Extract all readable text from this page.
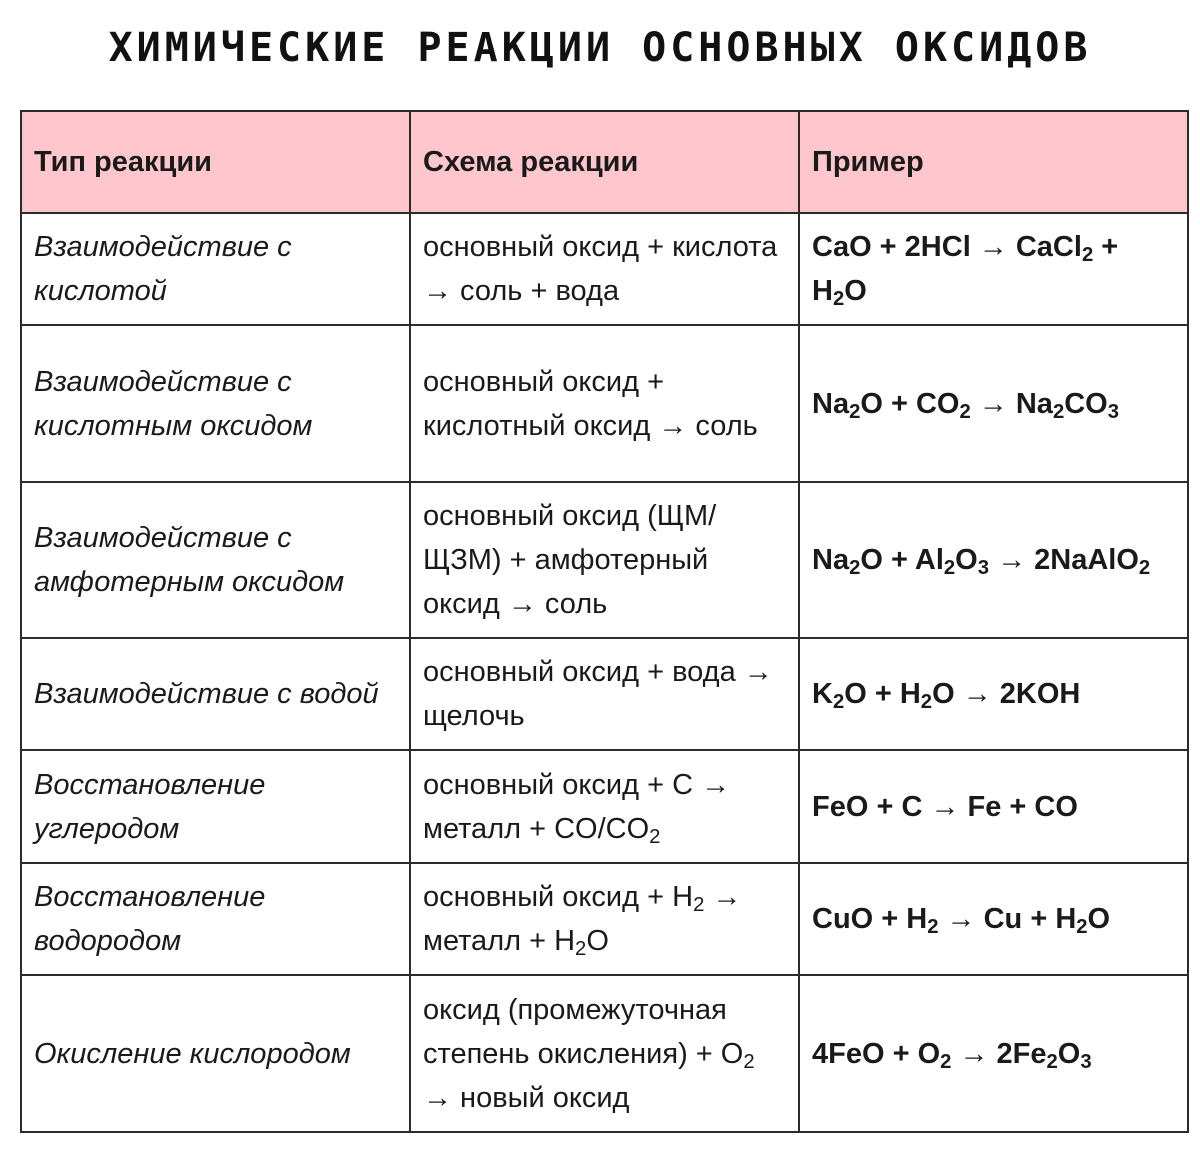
ХИМИЧЕСКИЕ РЕАКЦИИ ОСНОВНЫХ ОКСИДОВ
Тип реакции	Схема реакции	Пример
Взаимодействие с кислотой	основный оксид + кислота → соль + вода	CaO + 2HCl → CaCl$_2$ + $H_2O$
Взаимодействие с кислотным оксидом	основный оксид + кислотный оксид → соль	$Na_2O + CO_2 \to Na_2CO_3$
Взаимодействие с амфотерным оксидом	основный оксид (ЩМ/ЩЗМ) + амфотерный оксид → соль	$Na_2O + Al_2O_3$ → 2NaAlO$_2$
Взаимодействие с водой	основный оксид + вода → щелочь	$K_2O + H_2O \to 2KOH$
Восстановление углеродом	основный оксид + C → металл + $CO/CO_2$	FeO + C → Fe + CO
Восстановление водородом	основный оксид + $H_2$ → металл + $H_2O$	CuO + $H_2 \to Cu + H_2O$
Окисление кислородом	оксид (промежуточная степень окисления) + $O_2$ → новый оксид	$4FeO + O_2 \to 2Fe_2O_3$
